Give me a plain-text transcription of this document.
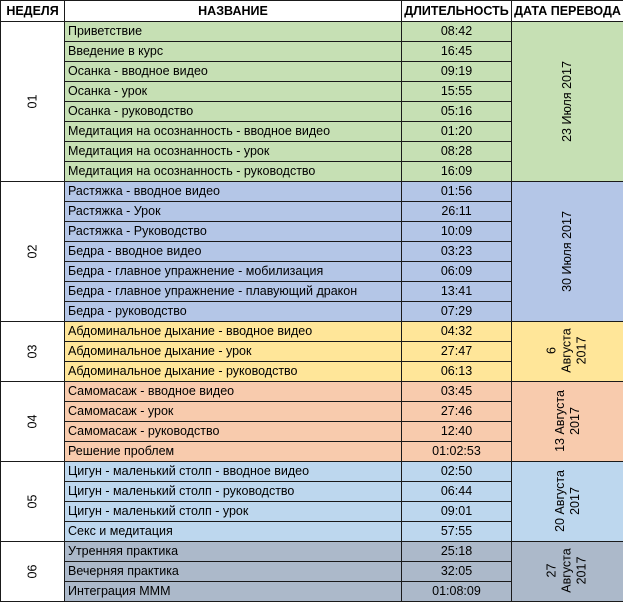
НЕДЕЛЯ	НАЗВАНИЕ	ДЛИТЕЛЬНОСТЬ	ДАТА ПЕРЕВОДА
01	Приветствие	08:42	23 Июля 2017
	Введение в курс	16:45	
	Осанка - вводное видео	09:19	
	Осанка - урок	15:55	
	Осанка - руководство	05:16	
	Медитация на осознанность - вводное видео	01:20	
	Медитация на осознанность - урок	08:28	
	Медитация на осознанность - руководство	16:09	
02	Растяжка - вводное видео	01:56	30 Июля 2017
	Растяжка - Урок	26:11	
	Растяжка - Руководство	10:09	
	Бедра - вводное видео	03:23	
	Бедра - главное упражнение - мобилизация	06:09	
	Бедра - главное упражнение - плавующий дракон	13:41	
	Бедра - руководство	07:29	
03	Абдоминальное дыхание - вводное видео	04:32	6
Августа
2017
	Абдоминальное дыхание - урок	27:47	
	Абдоминальное дыхание - руководство	06:13	
04	Самомасаж - вводное видео	03:45	13 Августа
2017
	Самомасаж - урок	27:46	
	Самомасаж - руководство	12:40	
	Решение проблем	01:02:53	
05	Цигун - маленький столп - вводное видео	02:50	20 Августа
2017
	Цигун - маленький столп - руководство	06:44	
	Цигун - маленький столп - урок	09:01	
	Секс и медитация	57:55	
06	Утренняя практика	25:18	27
Августа
2017
	Вечерняя практика	32:05	
	Интеграция МММ	01:08:09	
